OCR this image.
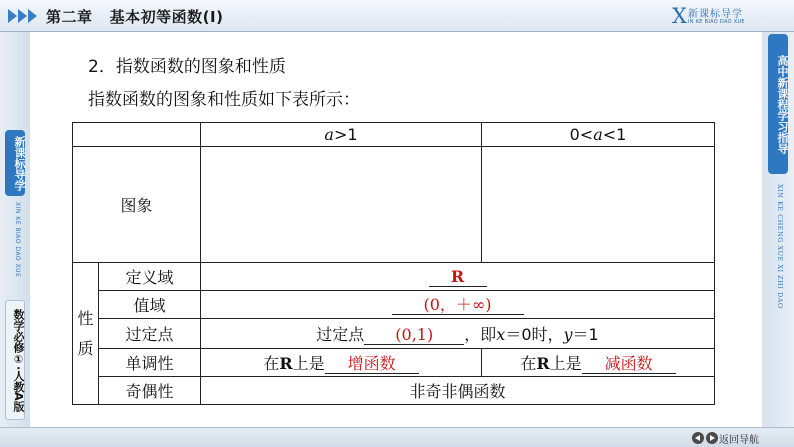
第二章   基本初等函数(Ⅰ)	X 新课标导学
IN KE BIAO DAO XUE
新课标导学
XIN KE BIAO DAO XUE
数学必修①·人教A版
高中新课程学习指导
XIN KE CHENG XUE XI ZHI DAO
2．指数函数的图象和性质
指数函数的图象和性质如下表所示：
		a>1	0<a<1
图象			

性
质	定义域	R	
	值域	(0，＋∞)	
	过定点	过定点 (0,1) ，即x＝0时，y＝1	
	单调性	在R上是 增函数	在R上是 减函数
	奇偶性	非奇非偶函数	
返回导航
